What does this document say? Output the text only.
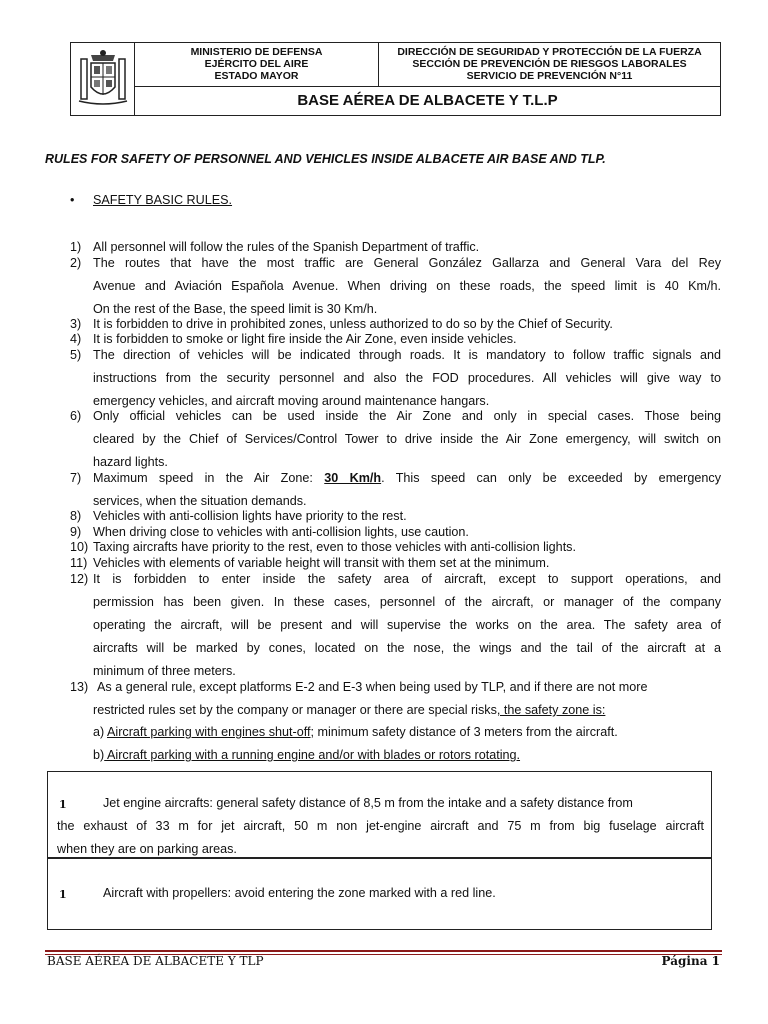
MINISTERIO DE DEFENSA
EJÉRCITO DEL AIRE
ESTADO MAYOR
DIRECCIÓN DE SEGURIDAD Y PROTECCIÓN DE LA FUERZA
SECCIÓN DE PREVENCIÓN DE RIESGOS LABORALES
SERVICIO DE PREVENCIÓN N°11
BASE AÉREA DE ALBACETE Y T.L.P
RULES FOR SAFETY OF PERSONNEL AND VEHICLES INSIDE ALBACETE AIR BASE AND TLP.
• SAFETY BASIC RULES.
1) All personnel will follow the rules of the Spanish Department of traffic.
2) The routes that have the most traffic are General González Gallarza and General Vara del Rey
Avenue and Aviación Española Avenue. When driving on these roads, the speed limit is 40 Km/h.
On the rest of the Base, the speed limit is 30 Km/h.
3) It is forbidden to drive in prohibited zones, unless authorized to do so by the Chief of Security.
4) It is forbidden to smoke or light fire inside the Air Zone, even inside vehicles.
5) The direction of vehicles will be indicated through roads. It is mandatory to follow traffic signals and
instructions from the security personnel and also the FOD procedures. All vehicles will give way to
emergency vehicles, and aircraft moving around maintenance hangars.
6) Only official vehicles can be used inside the Air Zone and only in special cases. Those being
cleared by the Chief of Services/Control Tower to drive inside the Air Zone emergency, will switch on
hazard lights.
7) Maximum speed in the Air Zone: 30 Km/h. This speed can only be exceeded by emergency
services, when the situation demands.
8) Vehicles with anti-collision lights have priority to the rest.
9) When driving close to vehicles with anti-collision lights, use caution.
10) Taxing aircrafts have priority to the rest, even to those vehicles with anti-collision lights.
11) Vehicles with elements of variable height will transit with them set at the minimum.
12) It is forbidden to enter inside the safety area of aircraft, except to support operations, and
permission has been given. In these cases, personnel of the aircraft, or manager of the company
operating the aircraft, will be present and will supervise the works on the area. The safety area of
aircrafts will be marked by cones, located on the nose, the wings and the tail of the aircraft at a
minimum of three meters.
13) As a general rule, except platforms E-2 and E-3 when being used by TLP, and if there are not more
restricted rules set by the company or manager or there are special risks, the safety zone is:
a) Aircraft parking with engines shut-off; minimum safety distance of 3 meters from the aircraft.
b) Aircraft parking with a running engine and/or with blades or rotors rotating.
1	Jet engine aircrafts: general safety distance of 8,5 m from the intake and a safety distance from
the exhaust of 33 m for jet aircraft, 50 m non jet-engine aircraft and 75 m from big fuselage aircraft
when they are on parking areas.
1	Aircraft with propellers: avoid entering the zone marked with a red line.
BASE AÉREA DE ALBACETE Y TLP	Página 1
